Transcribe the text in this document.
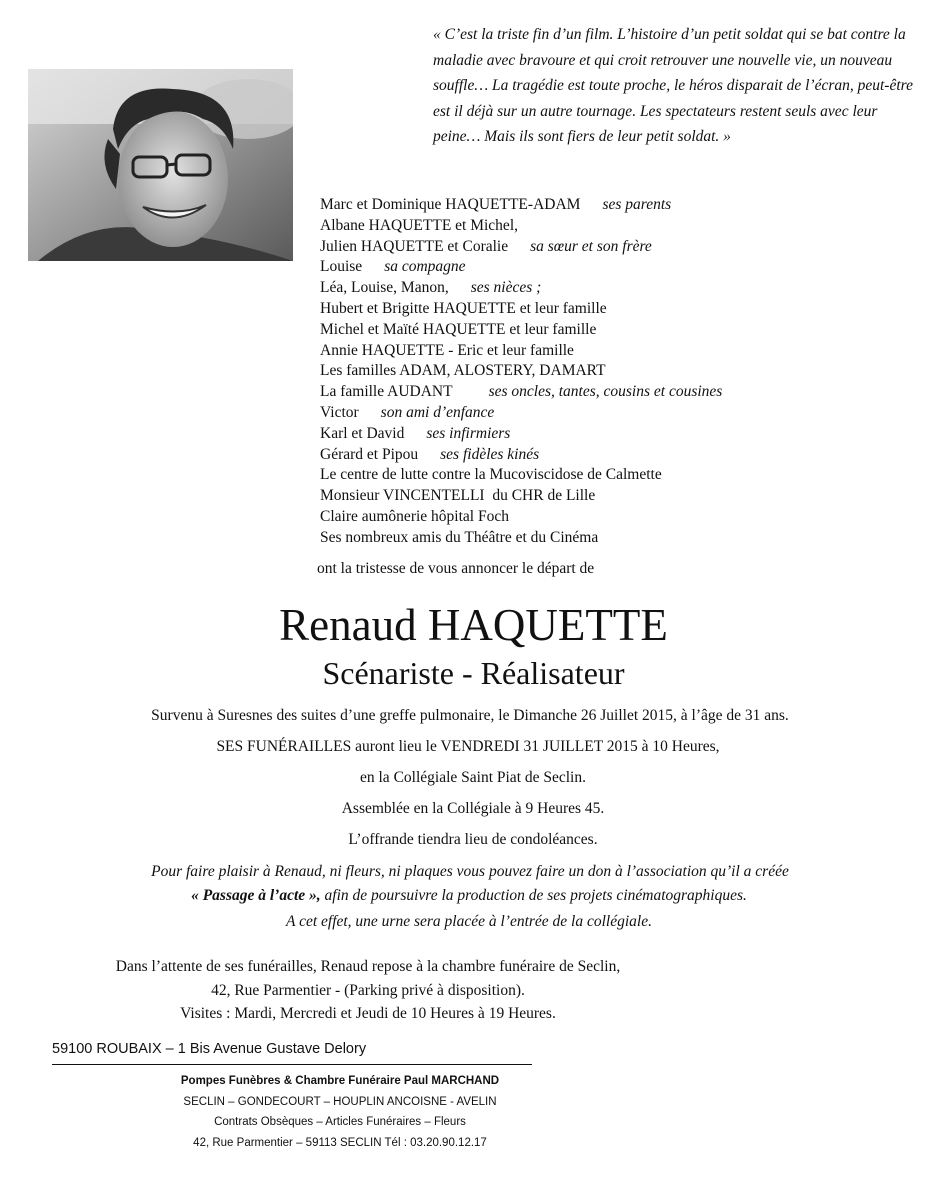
« C’est la triste fin d’un film. L’histoire d’un petit soldat qui se bat contre la maladie avec bravoure et qui croit retrouver une nouvelle vie, un nouveau souffle… La tragédie est toute proche, le héros disparait de l’écran, peut-être est il déjà sur un autre tournage. Les spectateurs restent seuls avec leur peine… Mais ils sont fiers de leur petit soldat. »
Marc et Dominique HAQUETTE-ADAM ses parents
Albane HAQUETTE et Michel,
Julien HAQUETTE et Coralie sa sœur et son frère
Louise sa compagne
Léa, Louise, Manon, ses nièces ;
Hubert et Brigitte HAQUETTE et leur famille
Michel et Maïté HAQUETTE et leur famille
Annie HAQUETTE - Eric et leur famille
Les familles ADAM, ALOSTERY, DAMART
La famille AUDANT ses oncles, tantes, cousins et cousines
Victor son ami d’enfance
Karl et David ses infirmiers
Gérard et Pipou ses fidèles kinés
Le centre de lutte contre la Mucoviscidose de Calmette
Monsieur VINCENTELLI  du CHR de Lille
Claire aumônerie hôpital Foch
Ses nombreux amis du Théâtre et du Cinéma
ont la tristesse de vous annoncer le départ de
Renaud HAQUETTE
Scénariste - Réalisateur
Survenu à Suresnes des suites d’une greffe pulmonaire, le Dimanche 26 Juillet 2015, à l’âge de 31 ans.
SES FUNÉRAILLES auront lieu le VENDREDI 31 JUILLET 2015 à 10 Heures,
en la Collégiale Saint Piat de Seclin.
Assemblée en la Collégiale à 9 Heures 45.
L’offrande tiendra lieu de condoléances.
Pour faire plaisir à Renaud, ni fleurs, ni plaques vous pouvez faire un don à l’association qu’il a créée
« Passage à l’acte », afin de poursuivre la production de ses projets cinématographiques.
A cet effet, une urne sera placée à l’entrée de la collégiale.
Dans l’attente de ses funérailles, Renaud repose à la chambre funéraire de Seclin,
42, Rue Parmentier - (Parking privé à disposition).
Visites : Mardi, Mercredi et Jeudi de 10 Heures à 19 Heures.
59100 ROUBAIX – 1 Bis Avenue Gustave Delory
Pompes Funèbres & Chambre Funéraire Paul MARCHAND
SECLIN – GONDECOURT – HOUPLIN ANCOISNE - AVELIN
Contrats Obsèques – Articles Funéraires – Fleurs
42, Rue Parmentier – 59113 SECLIN Tél : 03.20.90.12.17
